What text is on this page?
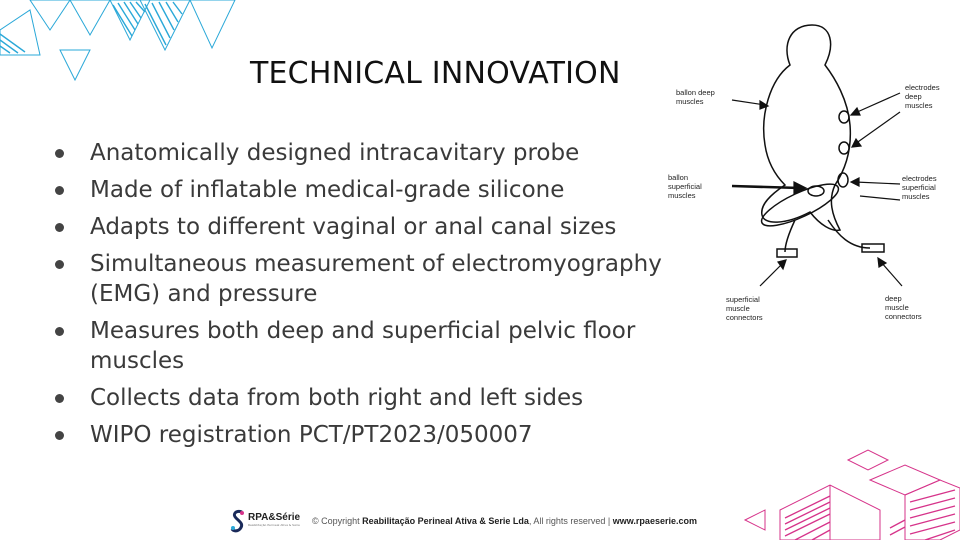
TECHNICAL INNOVATION
Anatomically designed intracavitary probe
Made of inflatable medical-grade silicone
Adapts to different vaginal or anal canal sizes
Simultaneous measurement of electromyography (EMG) and pressure
Measures both deep and superficial pelvic floor muscles
Collects data from both right and left sides
WIPO registration PCT/PT2023/050007
ballon deep muscles
electrodes deep muscles
ballon superficial muscles
electrodes superficial muscles
superficial muscle connectors
deep muscle connectors
RPA&Série
Reabilitação Perineal Ativa & Série	© Copyright Reabilitação Perineal Ativa & Serie Lda, All rights reserved | www.rpaeserie.com
